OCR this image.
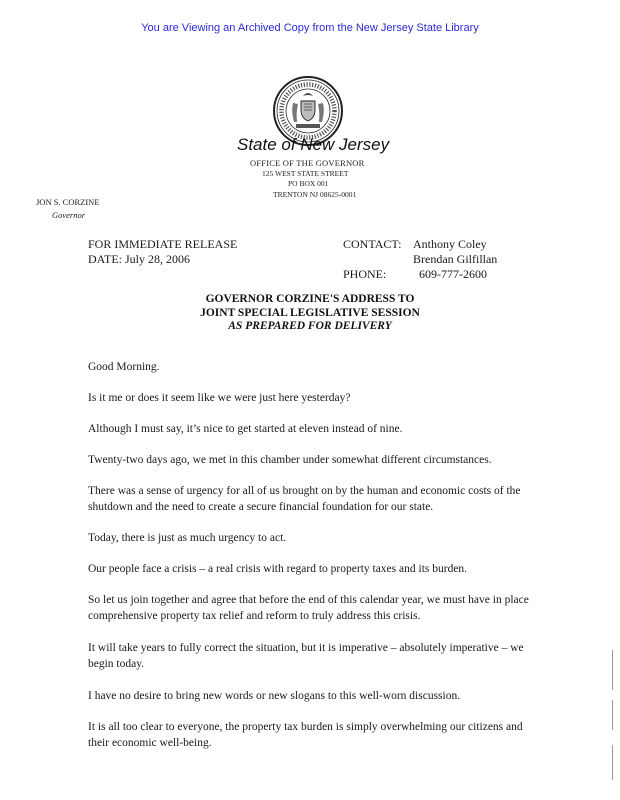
You are Viewing an Archived Copy from the New Jersey State Library
State of New Jersey
OFFICE OF THE GOVERNOR
125 WEST STATE STREET
PO BOX 001
TRENTON NJ 08625-0001
JON S. CORZINE
Governor
FOR IMMEDIATE RELEASE
DATE: July 28, 2006
CONTACT: Anthony Coley
Brendan Gilfillan
PHONE:	609-777-2600
GOVERNOR CORZINE'S ADDRESS TO
JOINT SPECIAL LEGISLATIVE SESSION
AS PREPARED FOR DELIVERY
Good Morning.
Is it me or does it seem like we were just here yesterday?
Although I must say, it’s nice to get started at eleven instead of nine.
Twenty-two days ago, we met in this chamber under somewhat different circumstances.
There was a sense of urgency for all of us brought on by the human and economic costs of the shutdown and the need to create a secure financial foundation for our state.
Today, there is just as much urgency to act.
Our people face a crisis – a real crisis with regard to property taxes and its burden.
So let us join together and agree that before the end of this calendar year, we must have in place comprehensive property tax relief and reform to truly address this crisis.
It will take years to fully correct the situation, but it is imperative – absolutely imperative – we begin today.
I have no desire to bring new words or new slogans to this well-worn discussion.
It is all too clear to everyone, the property tax burden is simply overwhelming our citizens and their economic well-being.
